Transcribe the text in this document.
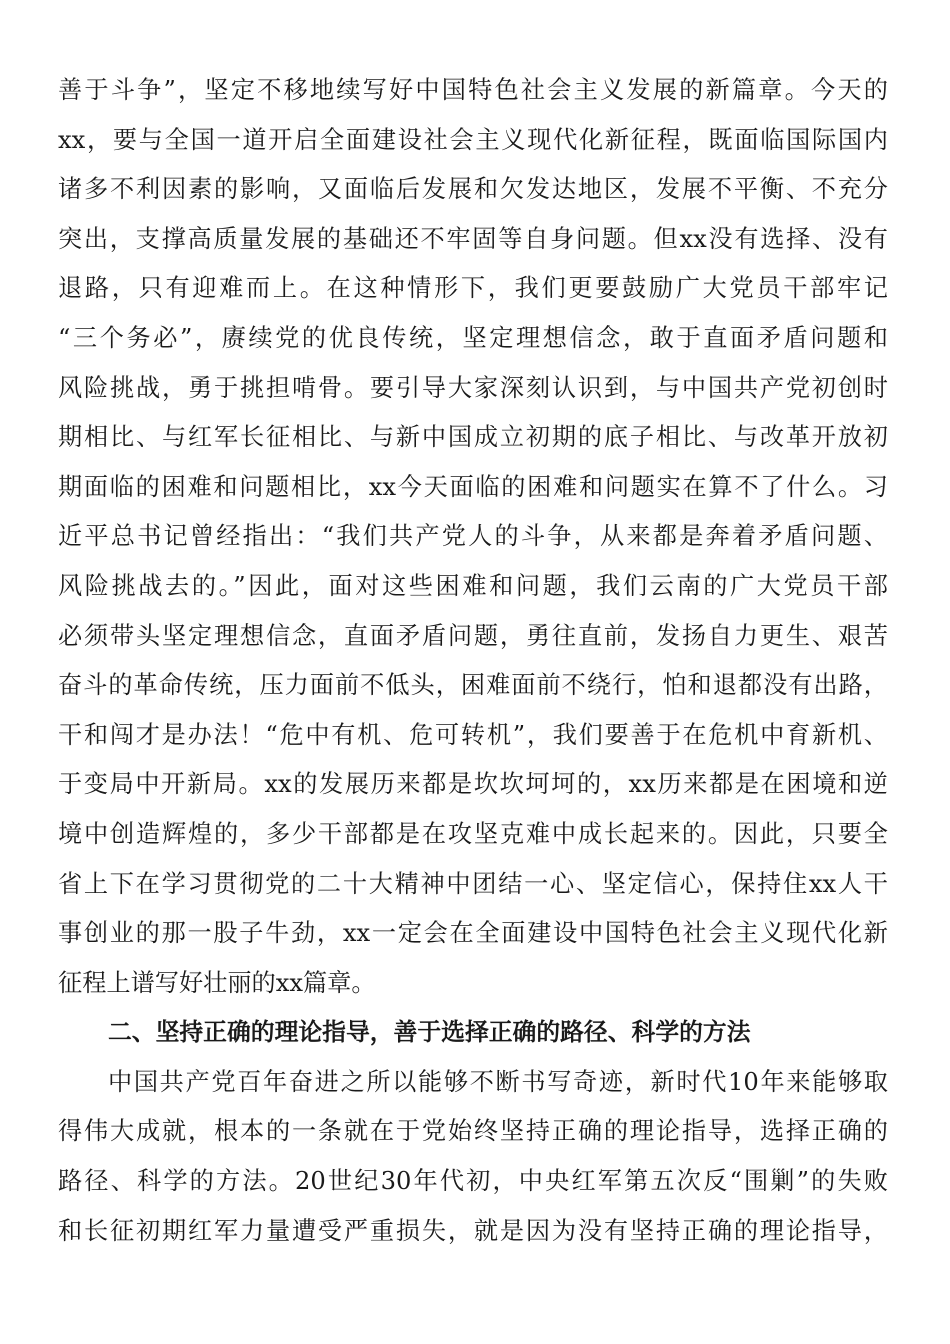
善于斗争”，坚定不移地续写好中国特色社会主义发展的新篇章。今天的
xx，要与全国一道开启全面建设社会主义现代化新征程，既面临国际国内
诸多不利因素的影响，又面临后发展和欠发达地区，发展不平衡、不充分
突出，支撑高质量发展的基础还不牢固等自身问题。但xx没有选择、没有
退路，只有迎难而上。在这种情形下，我们更要鼓励广大党员干部牢记
“三个务必”，赓续党的优良传统，坚定理想信念，敢于直面矛盾问题和
风险挑战，勇于挑担啃骨。要引导大家深刻认识到，与中国共产党初创时
期相比、与红军长征相比、与新中国成立初期的底子相比、与改革开放初
期面临的困难和问题相比，xx今天面临的困难和问题实在算不了什么。习
近平总书记曾经指出：“我们共产党人的斗争，从来都是奔着矛盾问题、
风险挑战去的。”因此，面对这些困难和问题，我们云南的广大党员干部
必须带头坚定理想信念，直面矛盾问题，勇往直前，发扬自力更生、艰苦
奋斗的革命传统，压力面前不低头，困难面前不绕行，怕和退都没有出路，
干和闯才是办法！“危中有机、危可转机”，我们要善于在危机中育新机、
于变局中开新局。xx的发展历来都是坎坎坷坷的，xx历来都是在困境和逆
境中创造辉煌的，多少干部都是在攻坚克难中成长起来的。因此，只要全
省上下在学习贯彻党的二十大精神中团结一心、坚定信心，保持住xx人干
事创业的那一股子牛劲，xx一定会在全面建设中国特色社会主义现代化新
征程上谱写好壮丽的xx篇章。
二、坚持正确的理论指导，善于选择正确的路径、科学的方法
中国共产党百年奋进之所以能够不断书写奇迹，新时代10年来能够取
得伟大成就，根本的一条就在于党始终坚持正确的理论指导，选择正确的
路径、科学的方法。20世纪30年代初，中央红军第五次反“围剿”的失败
和长征初期红军力量遭受严重损失，就是因为没有坚持正确的理论指导，
